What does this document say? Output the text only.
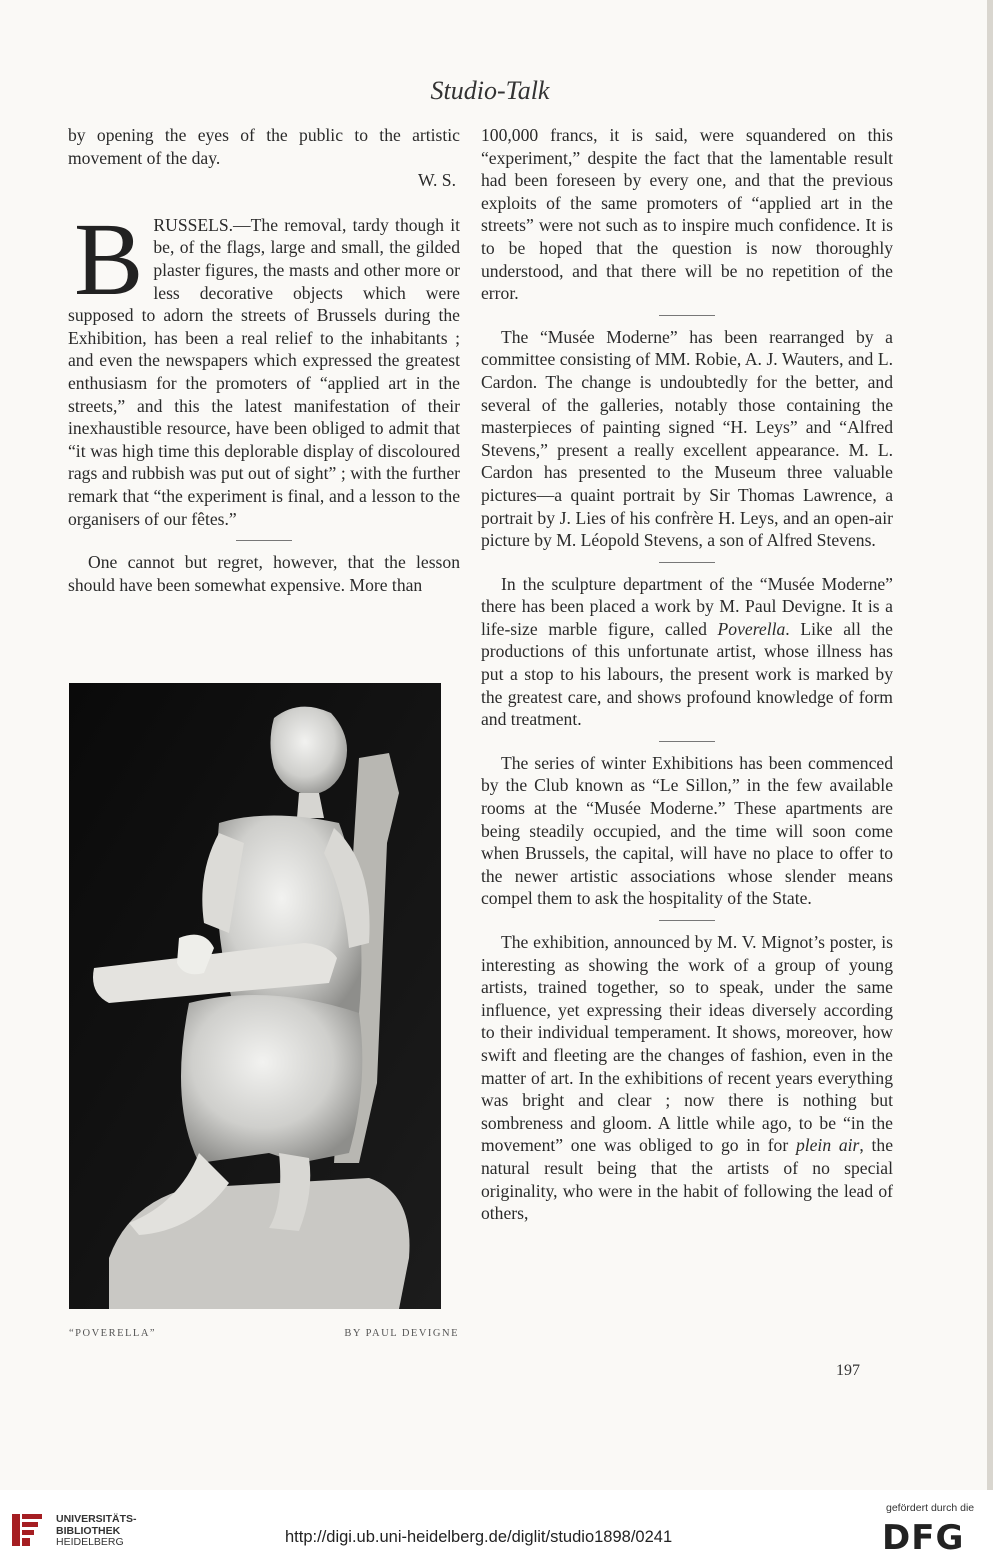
Studio-Talk

by opening the eyes of the public to the artistic movement of the day.

W. S.

B RUSSELS.—The removal, tardy though it be, of the flags, large and small, the gilded plaster figures, the masts and other more or less decorative objects which were supposed to adorn the streets of Brussels during the Exhibition, has been a real relief to the inhabitants ; and even the newspapers which expressed the greatest enthusiasm for the promoters of “applied art in the streets,” and this the latest manifestation of their inexhaustible resource, have been obliged to admit that “it was high time this deplorable display of discoloured rags and rubbish was put out of sight” ; with the further remark that “the experiment is final, and a lesson to the organisers of our fêtes.”

One cannot but regret, however, that the lesson should have been somewhat expensive. More than

100,000 francs, it is said, were squandered on this “experiment,” despite the fact that the lamentable result had been foreseen by every one, and that the previous exploits of the same promoters of “applied art in the streets” were not such as to inspire much confidence. It is to be hoped that the question is now thoroughly understood, and that there will be no repetition of the error.

The “Musée Moderne” has been rearranged by a committee consisting of MM. Robie, A. J. Wauters, and L. Cardon. The change is undoubtedly for the better, and several of the galleries, notably those containing the masterpieces of painting signed “H. Leys” and “Alfred Stevens,” present a really excellent appearance. M. L. Cardon has presented to the Museum three valuable pictures—a quaint portrait by Sir Thomas Lawrence, a portrait by J. Lies of his confrère H. Leys, and an open-air picture by M. Léopold Stevens, a son of Alfred Stevens.

In the sculpture department of the “Musée Moderne” there has been placed a work by M. Paul Devigne. It is a life-size marble figure, called Poverella. Like all the productions of this unfortunate artist, whose illness has put a stop to his labours, the present work is marked by the greatest care, and shows profound knowledge of form and treatment.

The series of winter Exhibitions has been commenced by the Club known as “Le Sillon,” in the few available rooms at the “Musée Moderne.” These apartments are being steadily occupied, and the time will soon come when Brussels, the capital, will have no place to offer to the newer artistic associations whose slender means compel them to ask the hospitality of the State.

The exhibition, announced by M. V. Mignot’s poster, is interesting as showing the work of a group of young artists, trained together, so to speak, under the same influence, yet expressing their ideas diversely according to their individual temperament. It shows, moreover, how swift and fleeting are the changes of fashion, even in the matter of art. In the exhibitions of recent years everything was bright and clear ; now there is nothing but sombreness and gloom. A little while ago, to be “in the movement” one was obliged to go in for plein air, the natural result being that the artists of no special originality, who were in the habit of following the lead of others,

“POVERELLA”	BY PAUL DEVIGNE
197
UNIVERSITÄTS-
BIBLIOTHEK
HEIDELBERG	http://digi.ub.uni-heidelberg.de/diglit/studio1898/0241
gefördert durch die
DFG
